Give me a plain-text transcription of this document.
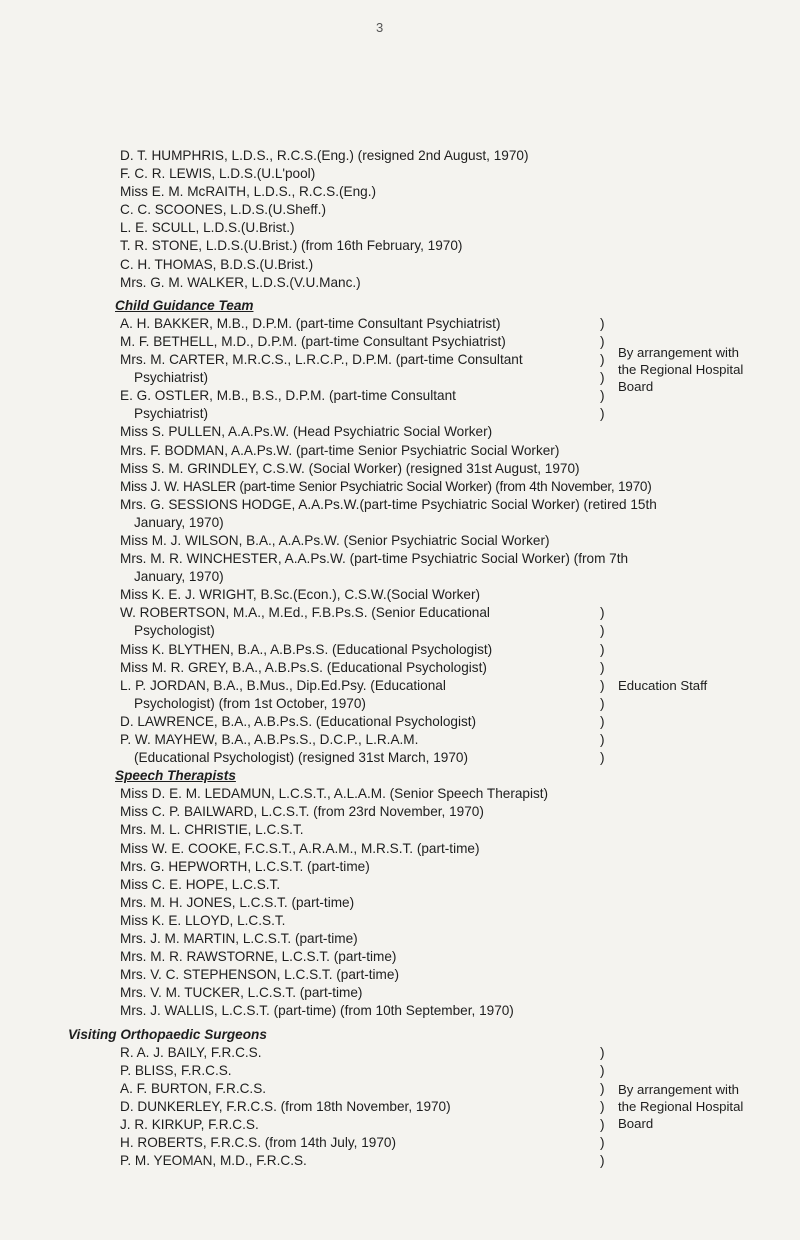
3
D. T. HUMPHRIS, L.D.S., R.C.S.(Eng.) (resigned 2nd August, 1970)
F. C. R. LEWIS, L.D.S.(U.L'pool)
Miss E. M. McRAITH, L.D.S., R.C.S.(Eng.)
C. C. SCOONES, L.D.S.(U.Sheff.)
L. E. SCULL, L.D.S.(U.Brist.)
T. R. STONE, L.D.S.(U.Brist.) (from 16th February, 1970)
C. H. THOMAS, B.D.S.(U.Brist.)
Mrs. G. M. WALKER, L.D.S.(V.U.Manc.)
Child Guidance Team
A. H. BAKKER, M.B., D.P.M. (part-time Consultant Psychiatrist)
M. F. BETHELL, M.D., D.P.M. (part-time Consultant Psychiatrist)
Mrs. M. CARTER, M.R.C.S., L.R.C.P., D.P.M. (part-time Consultant
Psychiatrist)
E. G. OSTLER, M.B., B.S., D.P.M. (part-time Consultant
Psychiatrist)
)
)
)
)
)
)
By arrangement with the Regional Hospital Board
Miss S. PULLEN, A.A.Ps.W. (Head Psychiatric Social Worker)
Mrs. F. BODMAN, A.A.Ps.W. (part-time Senior Psychiatric Social Worker)
Miss S. M. GRINDLEY, C.S.W. (Social Worker) (resigned 31st August, 1970)
Miss J. W. HASLER (part-time Senior Psychiatric Social Worker) (from 4th November, 1970)
Mrs. G. SESSIONS HODGE, A.A.Ps.W.(part-time Psychiatric Social Worker) (retired 15th
January, 1970)
Miss M. J. WILSON, B.A., A.A.Ps.W. (Senior Psychiatric Social Worker)
Mrs. M. R. WINCHESTER, A.A.Ps.W. (part-time Psychiatric Social Worker) (from 7th
January, 1970)
Miss K. E. J. WRIGHT, B.Sc.(Econ.), C.S.W.(Social Worker)
W. ROBERTSON, M.A., M.Ed., F.B.Ps.S. (Senior Educational
Psychologist)
Miss K. BLYTHEN, B.A., A.B.Ps.S. (Educational Psychologist)
Miss M. R. GREY, B.A., A.B.Ps.S. (Educational Psychologist)
L. P. JORDAN, B.A., B.Mus., Dip.Ed.Psy. (Educational
Psychologist) (from 1st October, 1970)
D. LAWRENCE, B.A., A.B.Ps.S. (Educational Psychologist)
P. W. MAYHEW, B.A., A.B.Ps.S., D.C.P., L.R.A.M.
(Educational Psychologist) (resigned 31st March, 1970)
)
)
)
)
)
)
)
)
)
Education Staff
Speech Therapists
Miss D. E. M. LEDAMUN, L.C.S.T., A.L.A.M. (Senior Speech Therapist)
Miss C. P. BAILWARD, L.C.S.T. (from 23rd November, 1970)
Mrs. M. L. CHRISTIE, L.C.S.T.
Miss W. E. COOKE, F.C.S.T., A.R.A.M., M.R.S.T. (part-time)
Mrs. G. HEPWORTH, L.C.S.T. (part-time)
Miss C. E. HOPE, L.C.S.T.
Mrs. M. H. JONES, L.C.S.T. (part-time)
Miss K. E. LLOYD, L.C.S.T.
Mrs. J. M. MARTIN, L.C.S.T. (part-time)
Mrs. M. R. RAWSTORNE, L.C.S.T. (part-time)
Mrs. V. C. STEPHENSON, L.C.S.T. (part-time)
Mrs. V. M. TUCKER, L.C.S.T. (part-time)
Mrs. J. WALLIS, L.C.S.T. (part-time) (from 10th September, 1970)
Visiting Orthopaedic Surgeons
R. A. J. BAILY, F.R.C.S.
P. BLISS, F.R.C.S.
A. F. BURTON, F.R.C.S.
D. DUNKERLEY, F.R.C.S. (from 18th November, 1970)
J. R. KIRKUP, F.R.C.S.
H. ROBERTS, F.R.C.S. (from 14th July, 1970)
P. M. YEOMAN, M.D., F.R.C.S.
)
)
)
)
)
)
)
By arrangement with the Regional Hospital Board
